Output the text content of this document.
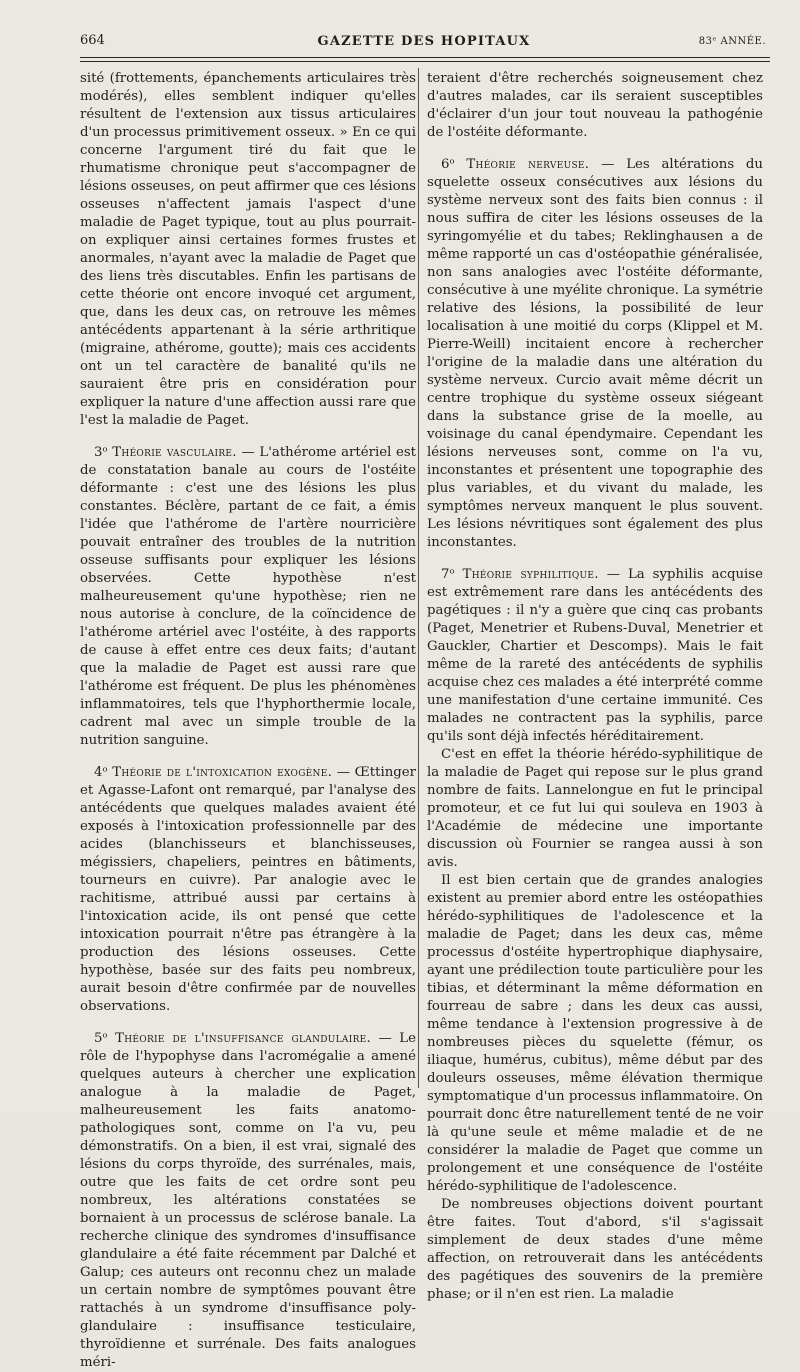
664	GAZETTE DES HOPITAUX	83ᵉ ANNÉE.

sité (frottements, épanchements articulaires très modérés), elles semblent indiquer qu'elles résultent de l'extension aux tissus articulaires d'un processus primitivement osseux. » En ce qui concerne l'argument tiré du fait que le rhumatisme chronique peut s'accompagner de lésions osseuses, on peut affirmer que ces lésions osseuses n'affectent jamais l'aspect d'une maladie de Paget typique, tout au plus pourrait-on expliquer ainsi certaines formes frustes et anormales, n'ayant avec la maladie de Paget que des liens très discutables. Enfin les partisans de cette théorie ont encore invoqué cet argument, que, dans les deux cas, on retrouve les mêmes antécédents appartenant à la série arthritique (migraine, athérome, goutte); mais ces accidents ont un tel caractère de banalité qu'ils ne sauraient être pris en considération pour expliquer la nature d'une affection aussi rare que l'est la maladie de Paget.

3ᵒ Théorie vasculaire. — L'athérome artériel est de constatation banale au cours de l'ostéite déformante : c'est une des lésions les plus constantes. Béclère, partant de ce fait, a émis l'idée que l'athérome de l'artère nourricière pouvait entraîner des troubles de la nutrition osseuse suffisants pour expliquer les lésions observées. Cette hypothèse n'est malheureusement qu'une hypothèse; rien ne nous autorise à conclure, de la coïncidence de l'athérome artériel avec l'ostéite, à des rapports de cause à effet entre ces deux faits; d'autant que la maladie de Paget est aussi rare que l'athérome est fréquent. De plus les phénomènes inflammatoires, tels que l'hyphorthermie locale, cadrent mal avec un simple trouble de la nutrition sanguine.

4ᵒ Théorie de l'intoxication exogène. — Œttinger et Agasse-Lafont ont remarqué, par l'analyse des antécédents que quelques malades avaient été exposés à l'intoxication professionnelle par des acides (blanchisseurs et blanchisseuses, mégissiers, chapeliers, peintres en bâtiments, tourneurs en cuivre). Par analogie avec le rachitisme, attribué aussi par certains à l'intoxication acide, ils ont pensé que cette intoxication pourrait n'être pas étrangère à la production des lésions osseuses. Cette hypothèse, basée sur des faits peu nombreux, aurait besoin d'être confirmée par de nouvelles observations.

5ᵒ Théorie de l'insuffisance glandulaire. — Le rôle de l'hypophyse dans l'acromégalie a amené quelques auteurs à chercher une explication analogue à la maladie de Paget, malheureusement les faits anatomo-pathologiques sont, comme on l'a vu, peu démonstratifs. On a bien, il est vrai, signalé des lésions du corps thyroïde, des surrénales, mais, outre que les faits de cet ordre sont peu nombreux, les altérations constatées se bornaient à un processus de sclérose banale. La recherche clinique des syndromes d'insuffisance glandulaire a été faite récemment par Dalché et Galup; ces auteurs ont reconnu chez un malade un certain nombre de symptômes pouvant être rattachés à un syndrome d'insuffisance poly-glandulaire : insuffisance testiculaire, thyroïdienne et surrénale. Des faits analogues méri-

teraient d'être recherchés soigneusement chez d'autres malades, car ils seraient susceptibles d'éclairer d'un jour tout nouveau la pathogénie de l'ostéite déformante.

6ᵒ Théorie nerveuse. — Les altérations du squelette osseux consécutives aux lésions du système nerveux sont des faits bien connus : il nous suffira de citer les lésions osseuses de la syringomyélie et du tabes; Reklinghausen a de même rapporté un cas d'ostéopathie généralisée, non sans analogies avec l'ostéite déformante, consécutive à une myélite chronique. La symétrie relative des lésions, la possibilité de leur localisation à une moitié du corps (Klippel et M. Pierre-Weill) incitaient encore à rechercher l'origine de la maladie dans une altération du système nerveux. Curcio avait même décrit un centre trophique du système osseux siégeant dans la substance grise de la moelle, au voisinage du canal épendymaire. Cependant les lésions nerveuses sont, comme on l'a vu, inconstantes et présentent une topographie des plus variables, et du vivant du malade, les symptômes nerveux manquent le plus souvent. Les lésions névritiques sont également des plus inconstantes.

7ᵒ Théorie syphilitique. — La syphilis acquise est extrêmement rare dans les antécédents des pagétiques : il n'y a guère que cinq cas probants (Paget, Menetrier et Rubens-Duval, Menetrier et Gauckler, Chartier et Descomps). Mais le fait même de la rareté des antécédents de syphilis acquise chez ces malades a été interprété comme une manifestation d'une certaine immunité. Ces malades ne contractent pas la syphilis, parce qu'ils sont déjà infectés héréditairement.

C'est en effet la théorie hérédo-syphilitique de la maladie de Paget qui repose sur le plus grand nombre de faits. Lannelongue en fut le principal promoteur, et ce fut lui qui souleva en 1903 à l'Académie de médecine une importante discussion où Fournier se rangea aussi à son avis.

Il est bien certain que de grandes analogies existent au premier abord entre les ostéopathies hérédo-syphilitiques de l'adolescence et la maladie de Paget; dans les deux cas, même processus d'ostéite hypertrophique diaphysaire, ayant une prédilection toute particulière pour les tibias, et déterminant la même déformation en fourreau de sabre ; dans les deux cas aussi, même tendance à l'extension progressive à de nombreuses pièces du squelette (fémur, os iliaque, humérus, cubitus), même début par des douleurs osseuses, même élévation thermique symptomatique d'un processus inflammatoire. On pourrait donc être naturellement tenté de ne voir là qu'une seule et même maladie et de ne considérer la maladie de Paget que comme un prolongement et une conséquence de l'ostéite hérédo-syphilitique de l'adolescence.

De nombreuses objections doivent pourtant être faites. Tout d'abord, s'il s'agissait simplement de deux stades d'une même affection, on retrouverait dans les antécédents des pagétiques des souvenirs de la première phase; or il n'en est rien. La maladie
